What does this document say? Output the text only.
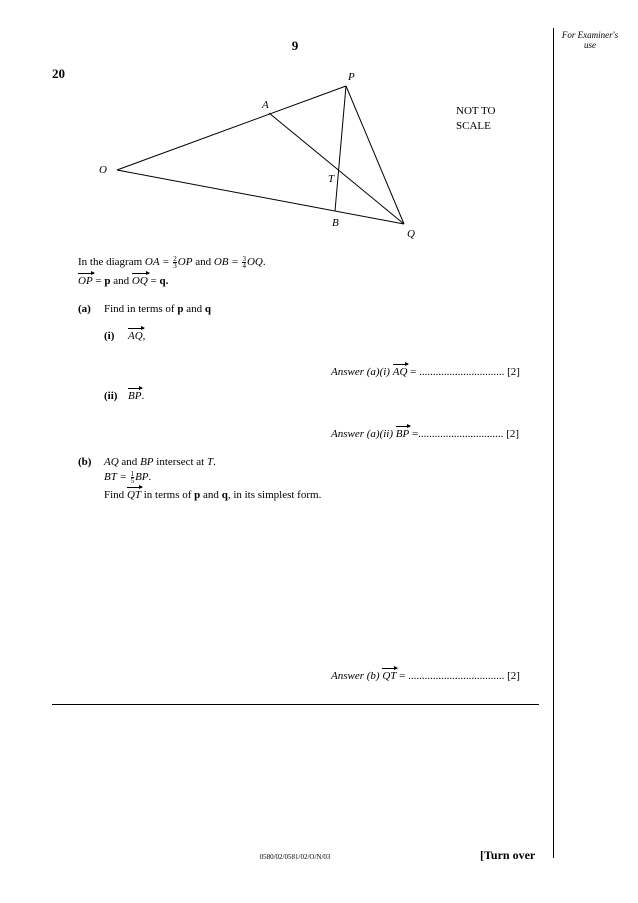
9
For Examiner's use
20
O
A
P
T
B
Q
NOT TO
SCALE
In the diagram OA = $\frac{2}{3}$ OP and OB = $\frac{3}{4}$ OQ.
OP = p and OQ = q.
(a) Find in terms of p and q
(i) AQ,
Answer (a)(i) AQ = ............................... [2]
(ii) BP.
Answer (a)(ii) BP =............................... [2]
(b) AQ and BP intersect at T.
BT = $\frac{1}{5}$ BP.
Find QT in terms of p and q, in its simplest form.
Answer (b) QT = ................................... [2]
0580/02/0581/02/O/N/03	[Turn over
